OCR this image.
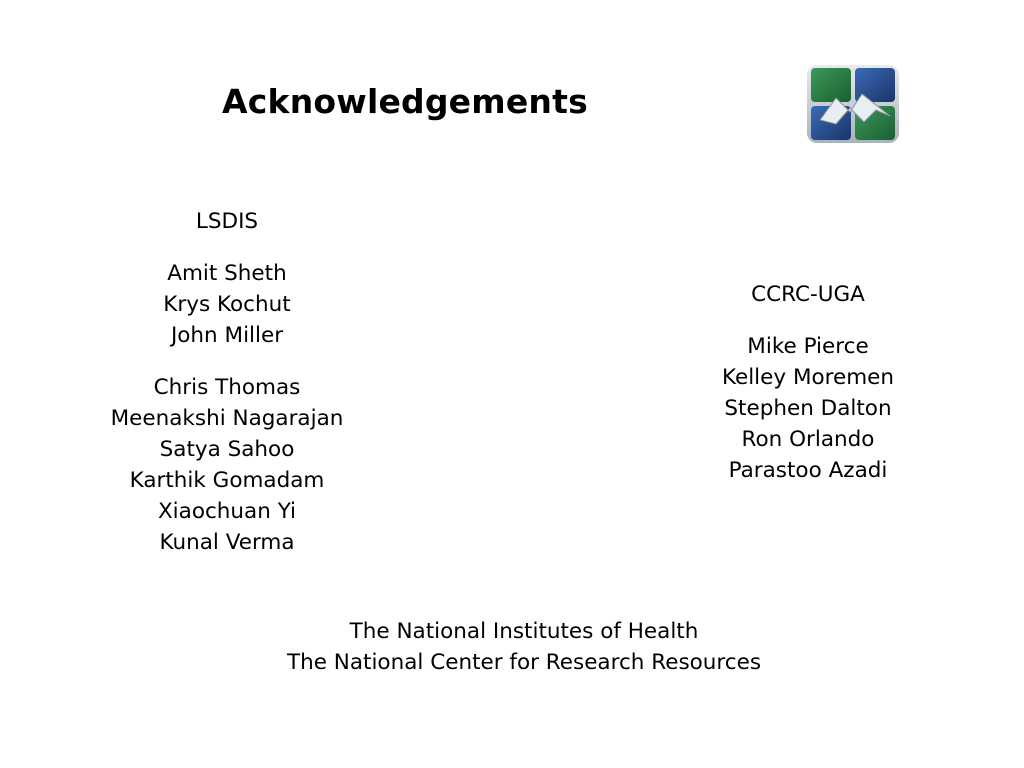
Acknowledgements
LSDIS
Amit Sheth
Krys Kochut
John Miller
Chris Thomas
Meenakshi Nagarajan
Satya Sahoo
Karthik Gomadam
Xiaochuan Yi
Kunal Verma
CCRC-UGA
Mike Pierce
Kelley Moremen
Stephen Dalton
Ron Orlando
Parastoo Azadi
The National Institutes of Health
The National Center for Research Resources
